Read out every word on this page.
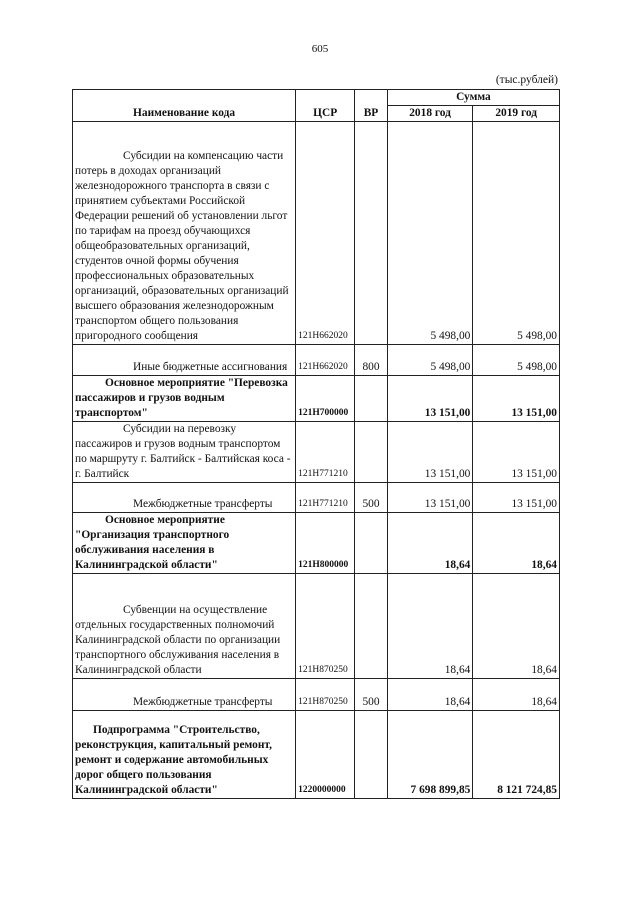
605
(тыс.рублей)
Наименование кода	ЦСР	ВР	Сумма	
			2018 год	2019 год

Субсидии на компенсацию части потерь в доходах организаций железнодорожного транспорта в связи с принятием субъектами Российской Федерации решений об установлении льгот по тарифам на проезд обучающихся общеобразовательных организаций, студентов очной формы обучения профессиональных образовательных организаций, образовательных организаций высшего образования железнодорожным транспортом общего пользования пригородного сообщения	121Н662020		5 498,00	5 498,00

Иные бюджетные ассигнования	121Н662020	800	5 498,00	5 498,00

Основное мероприятие "Перевозка пассажиров и грузов водным транспортом"	121Н700000		13 151,00	13 151,00

Субсидии на перевозку пассажиров и грузов водным транспортом по маршруту г. Балтийск - Балтийская коса - г. Балтийск	121Н771210		13 151,00	13 151,00

Межбюджетные трансферты	121Н771210	500	13 151,00	13 151,00

Основное мероприятие "Организация транспортного обслуживания населения в Калининградской области"	121Н800000		18,64	18,64

Субвенции на осуществление отдельных государственных полномочий Калининградской области по организации транспортного обслуживания населения в Калининградской области	121Н870250		18,64	18,64

Межбюджетные трансферты	121Н870250	500	18,64	18,64

Подпрограмма "Строительство, реконструкция, капитальный ремонт, ремонт и содержание автомобильных дорог общего пользования Калининградской области"	1220000000		7 698 899,85	8 121 724,85
